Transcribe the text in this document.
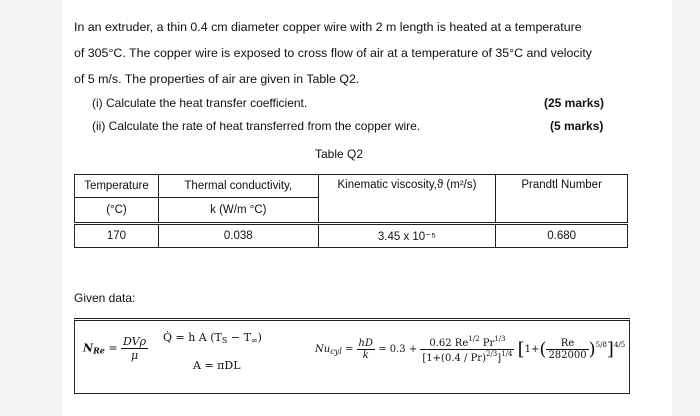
In an extruder, a thin 0.4 cm diameter copper wire with 2 m length is heated at a temperature

of 305°C. The copper wire is exposed to cross flow of air at a temperature of 35°C and velocity

of 5 m/s. The properties of air are given in Table Q2.

(i) Calculate the heat transfer coefficient.	(25 marks)
(ii) Calculate the rate of heat transferred from the copper wire.	(5 marks)
Table Q2
Temperature	Thermal conductivity,	Kinematic viscosity,ϑ (m²/s)	Prandtl Number
(°C)	k (W/m °C)		
170	0.038	3.45 x 10⁻⁵	0.680
Given data:
$N_{Re} = \frac{\text{DVρ}}{\mu}$ Q̇ = h A $(T_S - T_\infty)$
A = πDL
$Nu_{cyl} = \frac{hD}{k} = 0.3 + \frac{0.62 Re^{1/2} Pr^{1/3}}{[1+(0.4 / Pr)^{2/3}]^{1/4}} [1+( \frac{Re}{282000} )^{5/8}]^{4/5}$
